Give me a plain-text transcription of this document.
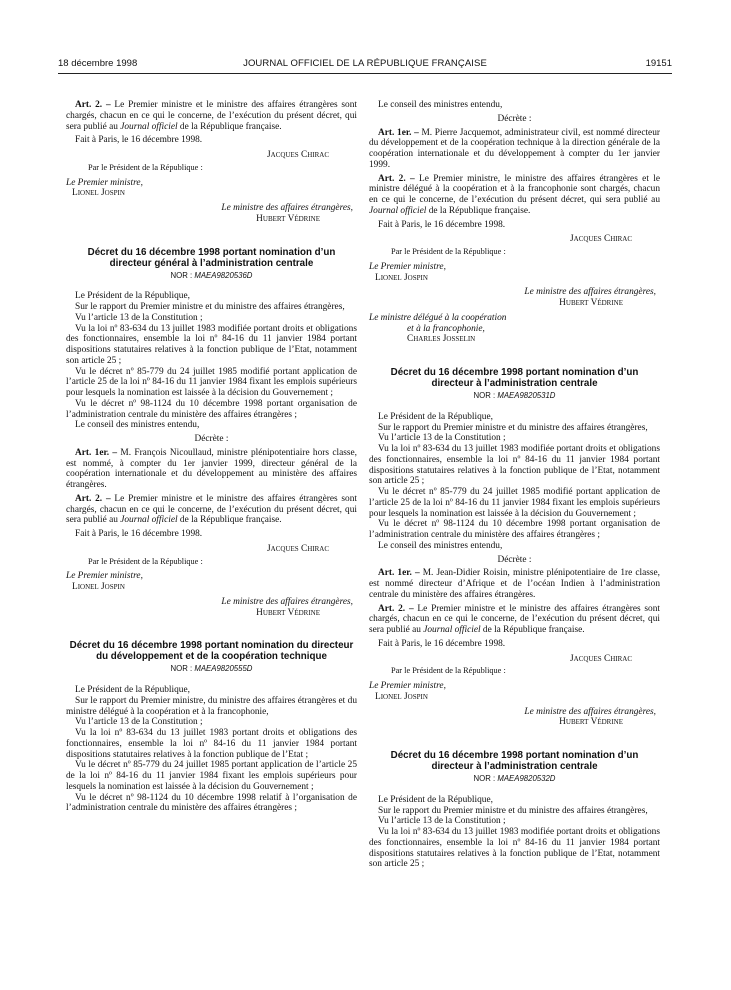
18 décembre 1998	JOURNAL OFFICIEL DE LA RÉPUBLIQUE FRANÇAISE	19151

Art. 2. – Le Premier ministre et le ministre des affaires étrangères sont chargés, chacun en ce qui le concerne, de l’exécution du présent décret, qui sera publié au Journal officiel de la République française.

Fait à Paris, le 16 décembre 1998.

Jacques Chirac

Par le Président de la République :

Le Premier ministre,

Lionel Jospin

Le ministre des affaires étrangères,

Hubert Védrine

Décret du 16 décembre 1998 portant nomination d’un directeur général à l’administration centrale

NOR : MAEA9820536D

Le Président de la République,

Sur le rapport du Premier ministre et du ministre des affaires étrangères,

Vu l’article 13 de la Constitution ;

Vu la loi nº 83-634 du 13 juillet 1983 modifiée portant droits et obligations des fonctionnaires, ensemble la loi nº 84-16 du 11 janvier 1984 portant dispositions statutaires relatives à la fonction publique de l’Etat, notamment son article 25 ;

Vu le décret nº 85-779 du 24 juillet 1985 modifié portant application de l’article 25 de la loi nº 84-16 du 11 janvier 1984 fixant les emplois supérieurs pour lesquels la nomination est laissée à la décision du Gouvernement ;

Vu le décret nº 98-1124 du 10 décembre 1998 portant organisation de l’administration centrale du ministère des affaires étrangères ;

Le conseil des ministres entendu,

Décrète :

Art. 1er. – M. François Nicoullaud, ministre plénipotentiaire hors classe, est nommé, à compter du 1er janvier 1999, directeur général de la coopération internationale et du développement au ministère des affaires étrangères.

Art. 2. – Le Premier ministre et le ministre des affaires étrangères sont chargés, chacun en ce qui le concerne, de l’exécution du présent décret, qui sera publié au Journal officiel de la République française.

Fait à Paris, le 16 décembre 1998.

Jacques Chirac

Par le Président de la République :

Le Premier ministre,

Lionel Jospin

Le ministre des affaires étrangères,

Hubert Védrine

Décret du 16 décembre 1998 portant nomination du directeur du développement et de la coopération technique

NOR : MAEA9820555D

Le Président de la République,

Sur le rapport du Premier ministre, du ministre des affaires étrangères et du ministre délégué à la coopération et à la francophonie,

Vu l’article 13 de la Constitution ;

Vu la loi nº 83-634 du 13 juillet 1983 portant droits et obligations des fonctionnaires, ensemble la loi nº 84-16 du 11 janvier 1984 portant dispositions statutaires relatives à la fonction publique de l’Etat ;

Vu le décret nº 85-779 du 24 juillet 1985 portant application de l’article 25 de la loi nº 84-16 du 11 janvier 1984 fixant les emplois supérieurs pour lesquels la nomination est laissée à la décision du Gouvernement ;

Vu le décret nº 98-1124 du 10 décembre 1998 relatif à l’organisation de l’administration centrale du ministère des affaires étrangères ;

Le conseil des ministres entendu,

Décrète :

Art. 1er. – M. Pierre Jacquemot, administrateur civil, est nommé directeur du développement et de la coopération technique à la direction générale de la coopération internationale et du développement à compter du 1er janvier 1999.

Art. 2. – Le Premier ministre, le ministre des affaires étrangères et le ministre délégué à la coopération et à la francophonie sont chargés, chacun en ce qui le concerne, de l’exécution du présent décret, qui sera publié au Journal officiel de la République française.

Fait à Paris, le 16 décembre 1998.

Jacques Chirac

Par le Président de la République :

Le Premier ministre,

Lionel Jospin

Le ministre des affaires étrangères,

Hubert Védrine

Le ministre délégué à la coopération

et à la francophonie,

Charles Josselin

Décret du 16 décembre 1998 portant nomination d’un directeur à l’administration centrale

NOR : MAEA9820531D

Le Président de la République,

Sur le rapport du Premier ministre et du ministre des affaires étrangères,

Vu l’article 13 de la Constitution ;

Vu la loi nº 83-634 du 13 juillet 1983 modifiée portant droits et obligations des fonctionnaires, ensemble la loi nº 84-16 du 11 janvier 1984 portant dispositions statutaires relatives à la fonction publique de l’Etat, notamment son article 25 ;

Vu le décret nº 85-779 du 24 juillet 1985 modifié portant application de l’article 25 de la loi nº 84-16 du 11 janvier 1984 fixant les emplois supérieurs pour lesquels la nomination est laissée à la décision du Gouvernement ;

Vu le décret nº 98-1124 du 10 décembre 1998 portant organisation de l’administration centrale du ministère des affaires étrangères ;

Le conseil des ministres entendu,

Décrète :

Art. 1er. – M. Jean-Didier Roisin, ministre plénipotentiaire de 1re classe, est nommé directeur d’Afrique et de l’océan Indien à l’administration centrale du ministère des affaires étrangères.

Art. 2. – Le Premier ministre et le ministre des affaires étrangères sont chargés, chacun en ce qui le concerne, de l’exécution du présent décret, qui sera publié au Journal officiel de la République française.

Fait à Paris, le 16 décembre 1998.

Jacques Chirac

Par le Président de la République :

Le Premier ministre,

Lionel Jospin

Le ministre des affaires étrangères,

Hubert Védrine

Décret du 16 décembre 1998 portant nomination d’un directeur à l’administration centrale

NOR : MAEA9820532D

Le Président de la République,

Sur le rapport du Premier ministre et du ministre des affaires étrangères,

Vu l’article 13 de la Constitution ;

Vu la loi nº 83-634 du 13 juillet 1983 modifiée portant droits et obligations des fonctionnaires, ensemble la loi nº 84-16 du 11 janvier 1984 portant dispositions statutaires relatives à la fonction publique de l’Etat, notamment son article 25 ;
